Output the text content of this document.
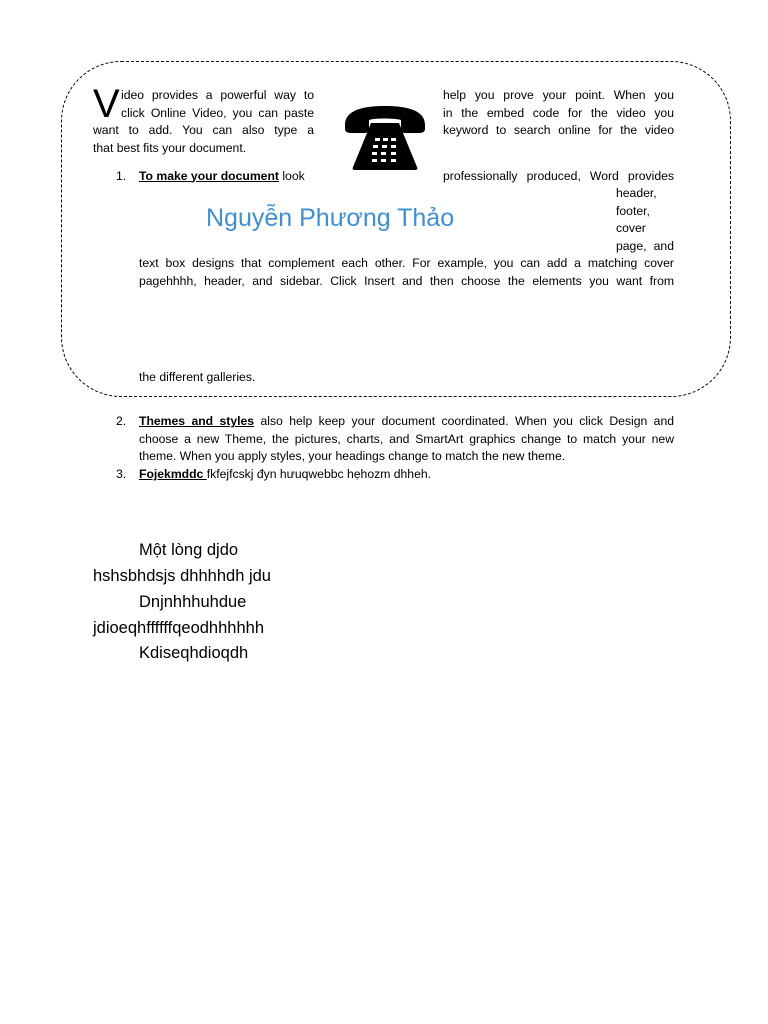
V ideo provides a powerful way to

click Online Video, you can paste

want to add. You can also type a

that best fits your document.

help you prove your point. When you

in the embed code for the video you

keyword to search online for the video

1. To make your document look	professionally produced, Word provides

header,

footer,

cover

page, and

Nguyễn Phương Thảo

text box designs that complement each other. For example, you can add a matching cover

pagehhhh, header, and sidebar. Click Insert and then choose the elements you want from

the different galleries.

2. Themes and styles also help keep your document coordinated. When you click Design and

choose a new Theme, the pictures, charts, and SmartArt graphics change to match your new

theme. When you apply styles, your headings change to match the new theme.

3. Fojekmddc fkfejfcskj đyn hưuqwebbc hẹhozm dhheh.

Một lòng djdo

hshsbhdsjs dhhhhdh jdu

Dnjnhhhuhdue

jdioeqhffffffqeodhhhhhh

Kdiseqhdioqdh
